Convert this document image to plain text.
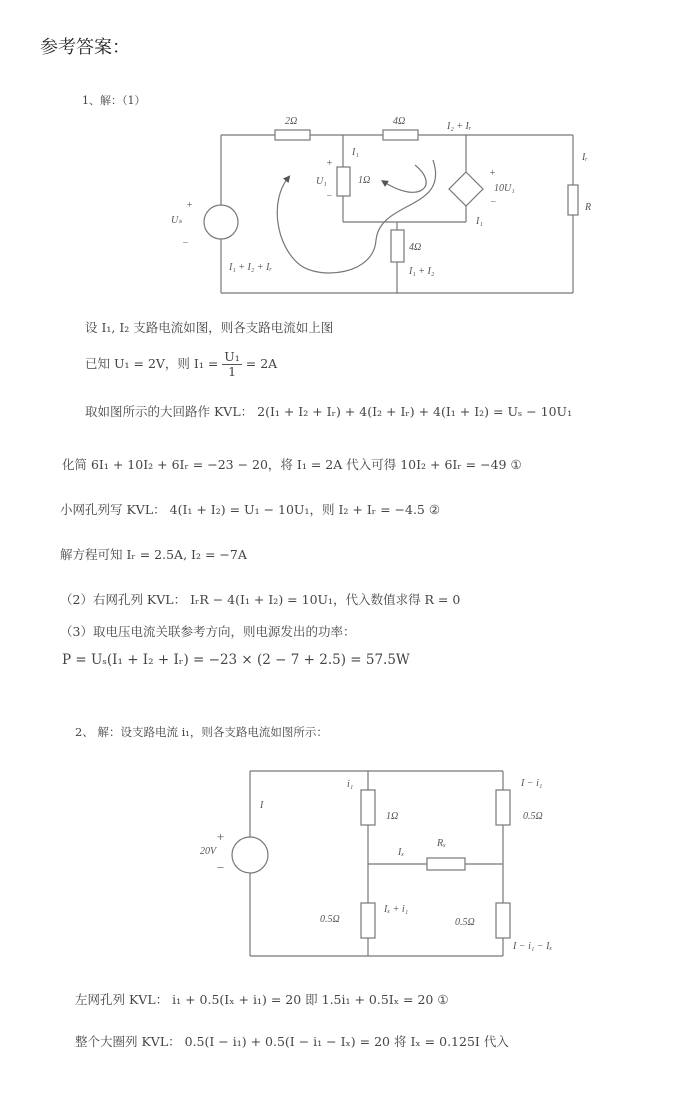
参考答案：
1、解：（1）
2Ω	4Ω	I₂ + Iᵣ
I₁
+
U₁
−
1Ω
+
10U₁
−
Iᵣ
R
+
Uₛ
−
I₁
4Ω
I₁ + I₂ + Iᵣ	I₁ + I₂
设 I₁, I₂ 支路电流如图，则各支路电流如上图
已知 U₁ = 2V，则 $I_1 = \frac{\text{U₁}}{1} = 2A$
取如图所示的大回路作 KVL： 2(I₁ + I₂ + Iᵣ) + 4(I₂ + Iᵣ) + 4(I₁ + I₂) = Uₛ − 10U₁
化简 6I₁ + 10I₂ + 6Iᵣ = −23 − 20，将 I₁ = 2A 代入可得 10I₂ + 6Iᵣ = −49 ①
小网孔列写 KVL： 4(I₁ + I₂) = U₁ − 10U₁，则 I₂ + Iᵣ = −4.5 ②
解方程可知 Iᵣ = 2.5A, I₂ = −7A
（2）右网孔列 KVL： IᵣR − 4(I₁ + I₂) = 10U₁，代入数值求得 R = 0
（3）取电压电流关联参考方向，则电源发出的功率：
P = Uₛ(I₁ + I₂ + Iᵣ) = −23 × (2 − 7 + 2.5) = 57.5W
2、 解：设支路电流 i₁，则各支路电流如图所示：
I
+
20V
−
i₁
1Ω
I − i₁
0.5Ω
Rₓ
Iₓ
Iₓ + i₁
0.5Ω	0.5Ω
I − i₁ − Iₓ
左网孔列 KVL： i₁ + 0.5(Iₓ + i₁) = 20 即 1.5i₁ + 0.5Iₓ = 20 ①
整个大圈列 KVL： 0.5(I − i₁) + 0.5(I − i₁ − Iₓ) = 20 将 Iₓ = 0.125I 代入
